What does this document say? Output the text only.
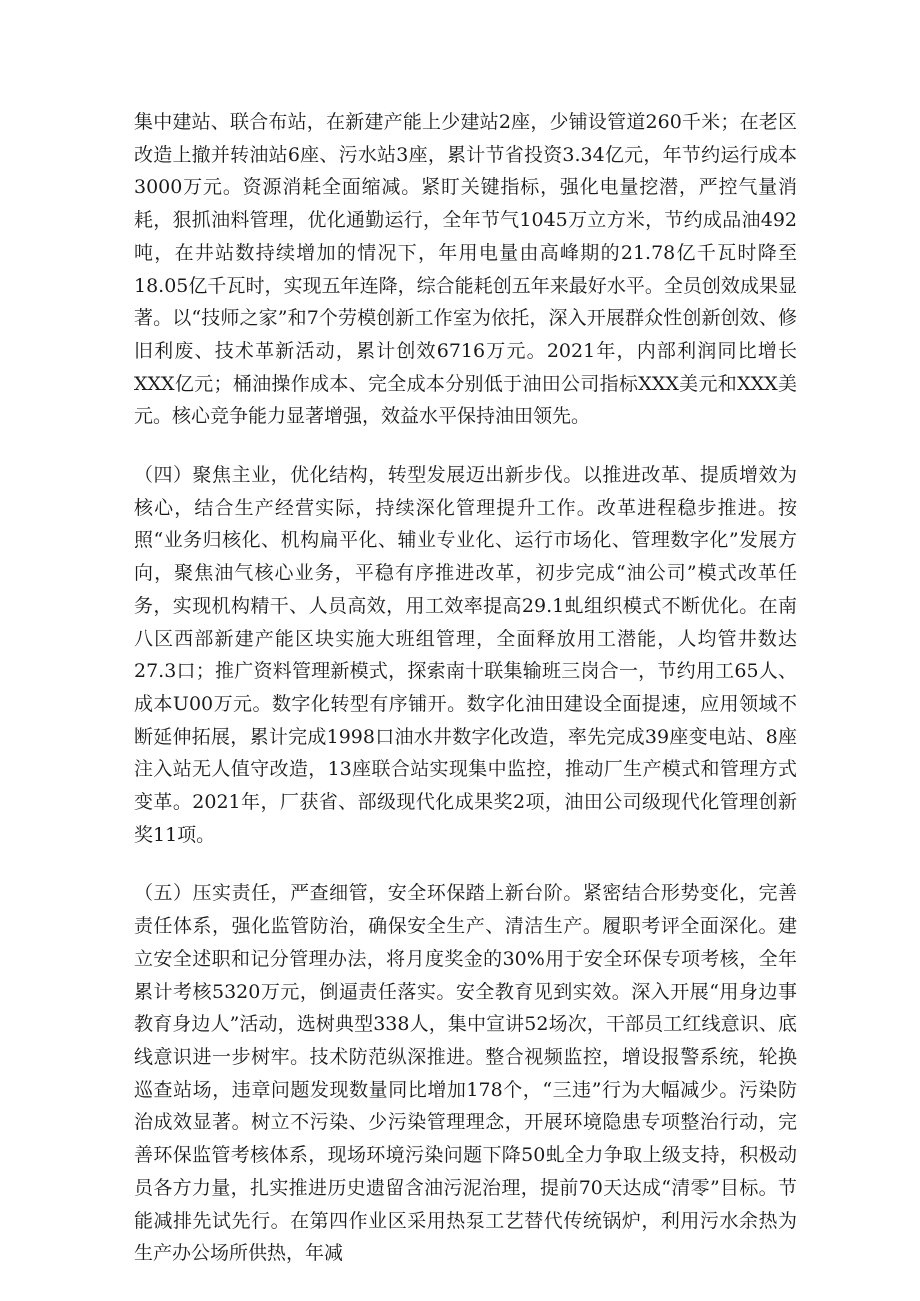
集中建站、联合布站，在新建产能上少建站2座，少铺设管道260千米；在老区改造上撤并转油站6座、污水站3座，累计节省投资3.34亿元，年节约运行成本3000万元。资源消耗全面缩减。紧盯关键指标，强化电量挖潜，严控气量消耗，狠抓油料管理，优化通勤运行，全年节气1045万立方米，节约成品油492吨，在井站数持续增加的情况下，年用电量由高峰期的21.78亿千瓦时降至18.05亿千瓦时，实现五年连降，综合能耗创五年来最好水平。全员创效成果显著。以“技师之家”和7个劳模创新工作室为依托，深入开展群众性创新创效、修旧利废、技术革新活动，累计创效6716万元。2021年，内部利润同比增长XXX亿元；桶油操作成本、完全成本分别低于油田公司指标XXX美元和XXX美元。核心竞争能力显著增强，效益水平保持油田领先。

（四）聚焦主业，优化结构，转型发展迈出新步伐。以推进改革、提质增效为核心，结合生产经营实际，持续深化管理提升工作。改革进程稳步推进。按照“业务归核化、机构扁平化、辅业专业化、运行市场化、管理数字化”发展方向，聚焦油气核心业务，平稳有序推进改革，初步完成“油公司”模式改革任务，实现机构精干、人员高效，用工效率提高29.1虬组织模式不断优化。在南八区西部新建产能区块实施大班组管理，全面释放用工潜能，人均管井数达27.3口；推广资料管理新模式，探索南十联集输班三岗合一，节约用工65人、成本U00万元。数字化转型有序铺开。数字化油田建设全面提速，应用领域不断延伸拓展，累计完成1998口油水井数字化改造，率先完成39座变电站、8座注入站无人值守改造，13座联合站实现集中监控，推动厂生产模式和管理方式变革。2021年，厂获省、部级现代化成果奖2项，油田公司级现代化管理创新奖11项。

（五）压实责任，严查细管，安全环保踏上新台阶。紧密结合形势变化，完善责任体系，强化监管防治，确保安全生产、清洁生产。履职考评全面深化。建立安全述职和记分管理办法，将月度奖金的30%用于安全环保专项考核，全年累计考核5320万元，倒逼责任落实。安全教育见到实效。深入开展“用身边事教育身边人”活动，选树典型338人，集中宣讲52场次，干部员工红线意识、底线意识进一步树牢。技术防范纵深推进。整合视频监控，增设报警系统，轮换巡查站场，违章问题发现数量同比增加178个，“三违”行为大幅减少。污染防治成效显著。树立不污染、少污染管理理念，开展环境隐患专项整治行动，完善环保监管考核体系，现场环境污染问题下降50虬全力争取上级支持，积极动员各方力量，扎实推进历史遗留含油污泥治理，提前70天达成“清零”目标。节能减排先试先行。在第四作业区采用热泵工艺替代传统锅炉，利用污水余热为生产办公场所供热，年减
